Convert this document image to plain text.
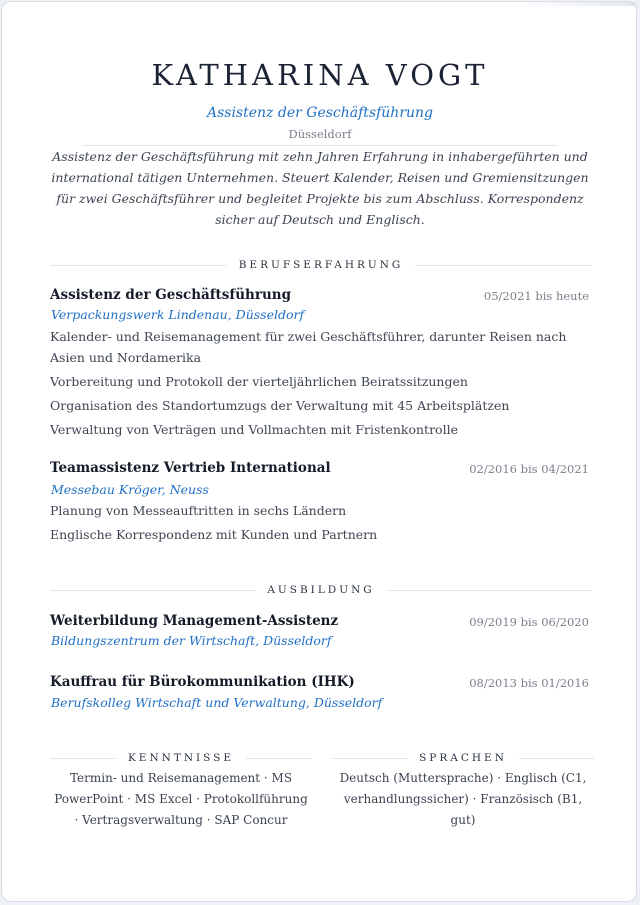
KATHARINA VOGT
Assistenz der Geschäftsführung
Düsseldorf
Assistenz der Geschäftsführung mit zehn Jahren Erfahrung in inhabergeführten und international tätigen Unternehmen. Steuert Kalender, Reisen und Gremiensitzungen für zwei Geschäftsführer und begleitet Projekte bis zum Abschluss. Korrespondenz sicher auf Deutsch und Englisch.
BERUFSERFAHRUNG
Assistenz der Geschäftsführung	05/2021 bis heute
Verpackungswerk Lindenau, Düsseldorf
Kalender- und Reisemanagement für zwei Geschäftsführer, darunter Reisen nach Asien und Nordamerika
Vorbereitung und Protokoll der vierteljährlichen Beiratssitzungen
Organisation des Standortumzugs der Verwaltung mit 45 Arbeitsplätzen
Verwaltung von Verträgen und Vollmachten mit Fristenkontrolle
Teamassistenz Vertrieb International	02/2016 bis 04/2021
Messebau Kröger, Neuss
Planung von Messeauftritten in sechs Ländern
Englische Korrespondenz mit Kunden und Partnern
AUSBILDUNG
Weiterbildung Management-Assistenz	09/2019 bis 06/2020
Bildungszentrum der Wirtschaft, Düsseldorf
Kauffrau für Bürokommunikation (IHK)	08/2013 bis 01/2016
Berufskolleg Wirtschaft und Verwaltung, Düsseldorf
KENNTNISSE
Termin- und Reisemanagement · MS PowerPoint · MS Excel · Protokollführung · Vertragsverwaltung · SAP Concur
SPRACHEN
Deutsch (Muttersprache) · Englisch (C1, verhandlungssicher) · Französisch (B1, gut)
